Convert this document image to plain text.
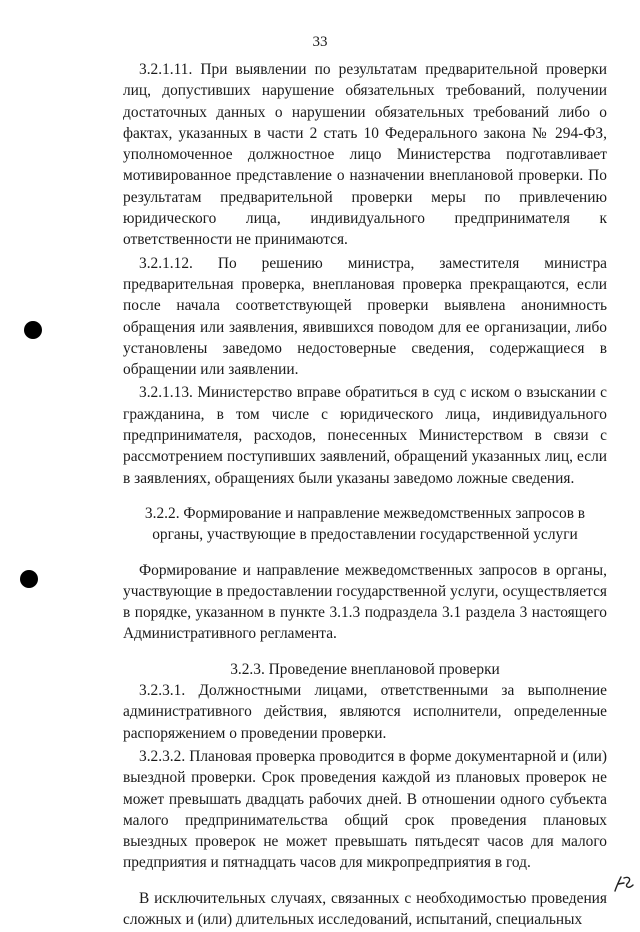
33

3.2.1.11. При выявлении по результатам предварительной проверки лиц, допустивших нарушение обязательных требований, получении достаточных данных о нарушении обязательных требований либо о фактах, указанных в части 2 стать 10 Федерального закона № 294-ФЗ, уполномоченное должностное лицо Министерства подготавливает мотивированное представление о назначении внеплановой проверки. По результатам предварительной проверки меры по привлечению юридического лица, индивидуального предпринимателя к ответственности не принимаются.

3.2.1.12. По решению министра, заместителя министра предварительная проверка, внеплановая проверка прекращаются, если после начала соответствующей проверки выявлена анонимность обращения или заявления, явившихся поводом для ее организации, либо установлены заведомо недостоверные сведения, содержащиеся в обращении или заявлении.

3.2.1.13. Министерство вправе обратиться в суд с иском о взыскании с гражданина, в том числе с юридического лица, индивидуального предпринимателя, расходов, понесенных Министерством в связи с рассмотрением поступивших заявлений, обращений указанных лиц, если в заявлениях, обращениях были указаны заведомо ложные сведения.

3.2.2. Формирование и направление межведомственных запросов в органы, участвующие в предоставлении государственной услуги

Формирование и направление межведомственных запросов в органы, участвующие в предоставлении государственной услуги, осуществляется в порядке, указанном в пункте 3.1.3 подраздела 3.1 раздела 3 настоящего Административного регламента.

3.2.3. Проведение внеплановой проверки

3.2.3.1. Должностными лицами, ответственными за выполнение административного действия, являются исполнители, определенные распоряжением о проведении проверки.

3.2.3.2. Плановая проверка проводится в форме документарной и (или) выездной проверки. Срок проведения каждой из плановых проверок не может превышать двадцать рабочих дней. В отношении одного субъекта малого предпринимательства общий срок проведения плановых выездных проверок не может превышать пятьдесят часов для малого предприятия и пятнадцать часов для микропредприятия в год.

В исключительных случаях, связанных с необходимостью проведения сложных и (или) длительных исследований, испытаний, специальных
